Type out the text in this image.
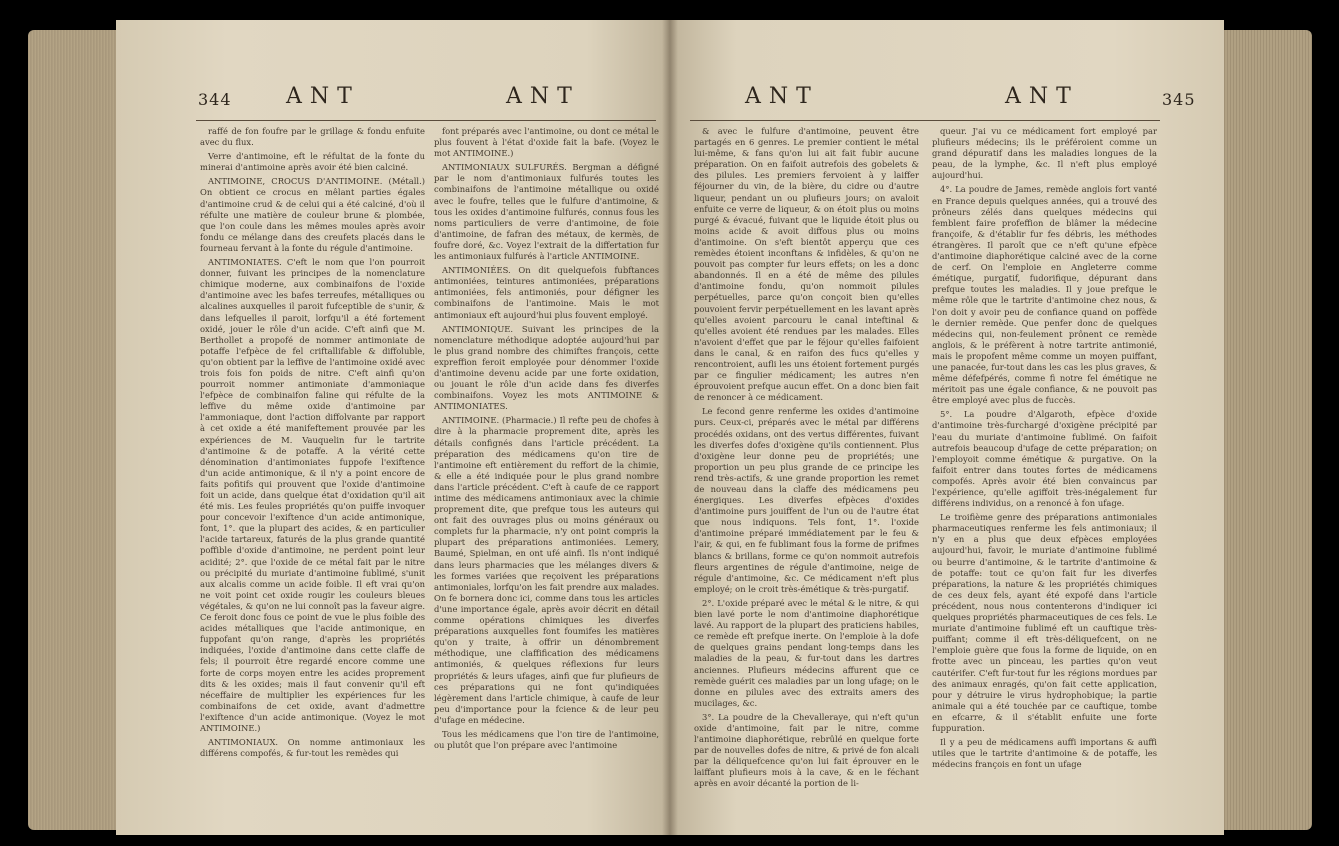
344 ANT	ANT

raffé de fon foufre par le grillage & fondu enfuite avec du flux.

Verre d'antimoine, eft le réfultat de la fonte du minerai d'antimoine après avoir été bien calciné.

ANTIMOINE, CROCUS D'ANTIMOINE. (Métall.) On obtient ce crocus en mêlant parties égales d'antimoine crud & de celui qui a été calciné, d'où il réfulte une matière de couleur brune & plombée, que l'on coule dans les mêmes moules après avoir fondu ce mélange dans des creufets placés dans le fourneau fervant à la fonte du régule d'antimoine.

ANTIMONIATES. C'eft le nom que l'on pourroit donner, fuivant les principes de la nomenclature chimique moderne, aux combinaifons de l'oxide d'antimoine avec les bafes terreufes, métalliques ou alcalines auxquelles il paroit fufceptible de s'unir, & dans lefquelles il paroit, lorfqu'il a été fortement oxidé, jouer le rôle d'un acide. C'eft ainfi que M. Berthollet a propofé de nommer antimoniate de potaffe l'efpèce de fel criftallifable & diffoluble, qu'on obtient par la leffive de l'antimoine oxidé avec trois fois fon poids de nitre. C'eft ainfi qu'on pourroit nommer antimoniate d'ammoniaque l'efpèce de combinaifon faline qui réfulte de la leffive du même oxide d'antimoine par l'ammoniaque, dont l'action diffolvante par rapport à cet oxide a été manifeftement prouvée par les expériences de M. Vauquelin fur le tartrite d'antimoine & de potaffe. A la vérité cette dénomination d'antimoniates fuppofe l'exiftence d'un acide antimonique, & il n'y a point encore de faits pofitifs qui prouvent que l'oxide d'antimoine foit un acide, dans quelque état d'oxidation qu'il ait été mis. Les feules propriétés qu'on puiffe invoquer pour concevoir l'exiftence d'un acide antimonique, font, 1°. que la plupart des acides, & en particulier l'acide tartareux, faturés de la plus grande quantité poffible d'oxide d'antimoine, ne perdent point leur acidité; 2°. que l'oxide de ce métal fait par le nitre ou précipité du muriate d'antimoine fublimé, s'unit aux alcalis comme un acide foible. Il eft vrai qu'on ne voit point cet oxide rougir les couleurs bleues végétales, & qu'on ne lui connoît pas la faveur aigre. Ce feroit donc fous ce point de vue le plus foible des acides métalliques que l'acide antimonique, en fuppofant qu'on range, d'après les propriétés indiquées, l'oxide d'antimoine dans cette claffe de fels; il pourroit être regardé encore comme une forte de corps moyen entre les acides proprement dits & les oxides; mais il faut convenir qu'il eft néceffaire de multiplier les expériences fur les combinaifons de cet oxide, avant d'admettre l'exiftence d'un acide antimonique. (Voyez le mot ANTIMOINE.)

ANTIMONIAUX. On nomme antimoniaux les différens compofés, & fur-tout les remèdes qui

font préparés avec l'antimoine, ou dont ce métal le plus fouvent à l'état d'oxide fait la bafe. (Voyez le mot ANTIMOINE.)

ANTIMONIAUX SULFURÉS. Bergman a défigné par le nom d'antimoniaux fulfurés toutes les combinaifons de l'antimoine métallique ou oxidé avec le foufre, telles que le fulfure d'antimoine, & tous les oxides d'antimoine fulfurés, connus fous les noms particuliers de verre d'antimoine, de foie d'antimoine, de fafran des métaux, de kermès, de foufre doré, &c. Voyez l'extrait de la differtation fur les antimoniaux fulfurés à l'article ANTIMOINE.

ANTIMONIÉES. On dit quelquefois fubftances antimoniées, teintures antimoniées, préparations antimoniées, fels antimoniés, pour défigner les combinaifons de l'antimoine. Mais le mot antimoniaux eft aujourd'hui plus fouvent employé.

ANTIMONIQUE. Suivant les principes de la nomenclature méthodique adoptée aujourd'hui par le plus grand nombre des chimiftes françois, cette expreffion feroit employée pour dénommer l'oxide d'antimoine devenu acide par une forte oxidation, ou jouant le rôle d'un acide dans fes diverfes combinaifons. Voyez les mots ANTIMOINE & ANTIMONIATES.

ANTIMOINE. (Pharmacie.) Il refte peu de chofes à dire à la pharmacie proprement dite, après les détails confignés dans l'article précédent. La préparation des médicamens qu'on tire de l'antimoine eft entièrement du reffort de la chimie, & elle a été indiquée pour le plus grand nombre dans l'article précédent. C'eft à caufe de ce rapport intime des médicamens antimoniaux avec la chimie proprement dite, que prefque tous les auteurs qui ont fait des ouvrages plus ou moins généraux ou complets fur la pharmacie, n'y ont point compris la plupart des préparations antimoniées. Lemery, Baumé, Spielman, en ont ufé ainfi. Ils n'ont indiqué dans leurs pharmacies que les mélanges divers & les formes variées que reçoivent les préparations antimoniales, lorfqu'on les fait prendre aux malades. On fe bornera donc ici, comme dans tous les articles d'une importance égale, après avoir décrit en détail comme opérations chimiques les diverfes préparations auxquelles font foumifes les matières qu'on y traite, à offrir un dénombrement méthodique, une claffification des médicamens antimoniés, & quelques réflexions fur leurs propriétés & leurs ufages, ainfi que fur plufieurs de ces préparations qui ne font qu'indiquées légèrement dans l'article chimique, à caufe de leur peu d'importance pour la fcience & de leur peu d'ufage en médecine.

Tous les médicamens que l'on tire de l'antimoine, ou plutôt que l'on prépare avec l'antimoine

ANT	ANT	345

& avec le fulfure d'antimoine, peuvent être partagés en 6 genres. Le premier contient le métal lui-même, & fans qu'on lui ait fait fubir aucune préparation. On en faifoit autrefois des gobelets & des pilules. Les premiers fervoient à y laiffer féjourner du vin, de la bière, du cidre ou d'autre liqueur, pendant un ou plufieurs jours; on avaloit enfuite ce verre de liqueur, & on étoit plus ou moins purgé & évacué, fuivant que le liquide étoit plus ou moins acide & avoit diffous plus ou moins d'antimoine. On s'eft bientôt apperçu que ces remèdes étoient inconftans & infidèles, & qu'on ne pouvoit pas compter fur leurs effets; on les a donc abandonnés. Il en a été de même des pilules d'antimoine fondu, qu'on nommoit pilules perpétuelles, parce qu'on conçoit bien qu'elles pouvoient fervir perpétuellement en les lavant après qu'elles avoient parcouru le canal inteftinal & qu'elles avoient été rendues par les malades. Elles n'avoient d'effet que par le féjour qu'elles faifoient dans le canal, & en raifon des fucs qu'elles y rencontroient, aufli les uns étoient fortement purgés par ce fingulier médicament; les autres n'en éprouvoient prefque aucun effet. On a donc bien fait de renoncer à ce médicament.

Le fecond genre renferme les oxides d'antimoine purs. Ceux-ci, préparés avec le métal par différens procédés oxidans, ont des vertus différentes, fuivant les diverfes dofes d'oxigène qu'ils contiennent. Plus d'oxigène leur donne peu de propriétés; une proportion un peu plus grande de ce principe les rend très-actifs, & une grande proportion les remet de nouveau dans la claffe des médicamens peu énergiques. Les diverfes efpèces d'oxides d'antimoine purs jouiffent de l'un ou de l'autre état que nous indiquons. Tels font, 1°. l'oxide d'antimoine préparé immédiatement par le feu & l'air, & qui, en fe fublimant fous la forme de prifmes blancs & brillans, forme ce qu'on nommoit autrefois fleurs argentines de régule d'antimoine, neige de régule d'antimoine, &c. Ce médicament n'eft plus employé; on le croit très-émétique & très-purgatif.

2°. L'oxide préparé avec le métal & le nitre, & qui bien lavé porte le nom d'antimoine diaphorétique lavé. Au rapport de la plupart des praticiens habiles, ce remède eft prefque inerte. On l'emploie à la dofe de quelques grains pendant long-temps dans les maladies de la peau, & fur-tout dans les dartres anciennes. Plufieurs médecins affurent que ce remède guérit ces maladies par un long ufage; on le donne en pilules avec des extraits amers des mucilages, &c.

3°. La poudre de la Chevalleraye, qui n'eft qu'un oxide d'antimoine, fait par le nitre, comme l'antimoine diaphorétique, rebrûlé en quelque forte par de nouvelles dofes de nitre, & privé de fon alcali par la déliquefcence qu'on lui fait éprouver en le laiffant plufieurs mois à la cave, & en le féchant après en avoir décanté la portion de li-

queur. J'ai vu ce médicament fort employé par plufieurs médecins; ils le préféroient comme un grand dépuratif dans les maladies longues de la peau, de la lymphe, &c. Il n'eft plus employé aujourd'hui.

4°. La poudre de James, remède anglois fort vanté en France depuis quelques années, qui a trouvé des prôneurs zélés dans quelques médecins qui femblent faire profeffion de blâmer la médecine françoife, & d'établir fur fes débris, les méthodes étrangères. Il paroît que ce n'eft qu'une efpèce d'antimoine diaphorétique calciné avec de la corne de cerf. On l'emploie en Angleterre comme émétique, purgatif, fudorifique, dépurant dans prefque toutes les maladies. Il y joue prefque le même rôle que le tartrite d'antimoine chez nous, & l'on doit y avoir peu de confiance quand on poffède le dernier remède. Que penfer donc de quelques médecins qui, non-feulement prônent ce remède anglois, & le préfèrent à notre tartrite antimonié, mais le propofent même comme un moyen puiffant, une panacée, fur-tout dans les cas les plus graves, & même défefpérés, comme fi notre fel émétique ne méritoit pas une égale confiance, & ne pouvoit pas être employé avec plus de fuccès.

5°. La poudre d'Algaroth, efpèce d'oxide d'antimoine très-furchargé d'oxigène précipité par l'eau du muriate d'antimoine fublimé. On faifoit autrefois beaucoup d'ufage de cette préparation; on l'employoit comme émétique & purgative. On la faifoit entrer dans toutes fortes de médicamens compofés. Après avoir été bien convaincus par l'expérience, qu'elle agiffoit très-inégalement fur différens individus, on a renoncé à fon ufage.

Le troifième genre des préparations antimoniales pharmaceutiques renferme les fels antimoniaux; il n'y en a plus que deux efpèces employées aujourd'hui, favoir, le muriate d'antimoine fublimé ou beurre d'antimoine, & le tartrite d'antimoine & de potaffe: tout ce qu'on fait fur les diverfes préparations, la nature & les propriétés chimiques de ces deux fels, ayant été expofé dans l'article précédent, nous nous contenterons d'indiquer ici quelques propriétés pharmaceutiques de ces fels. Le muriate d'antimoine fublimé eft un cauftique très-puiffant; comme il eft très-déliquefcent, on ne l'emploie guère que fous la forme de liquide, on en frotte avec un pinceau, les parties qu'on veut cautérifer. C'eft fur-tout fur les régions mordues par des animaux enragés, qu'on fait cette application, pour y détruire le virus hydrophobique; la partie animale qui a été touchée par ce cauftique, tombe en efcarre, & il s'établit enfuite une forte fuppuration.

Il y a peu de médicamens auffi importans & auffi utiles que le tartrite d'antimoine & de potaffe, les médecins françois en font un ufage
